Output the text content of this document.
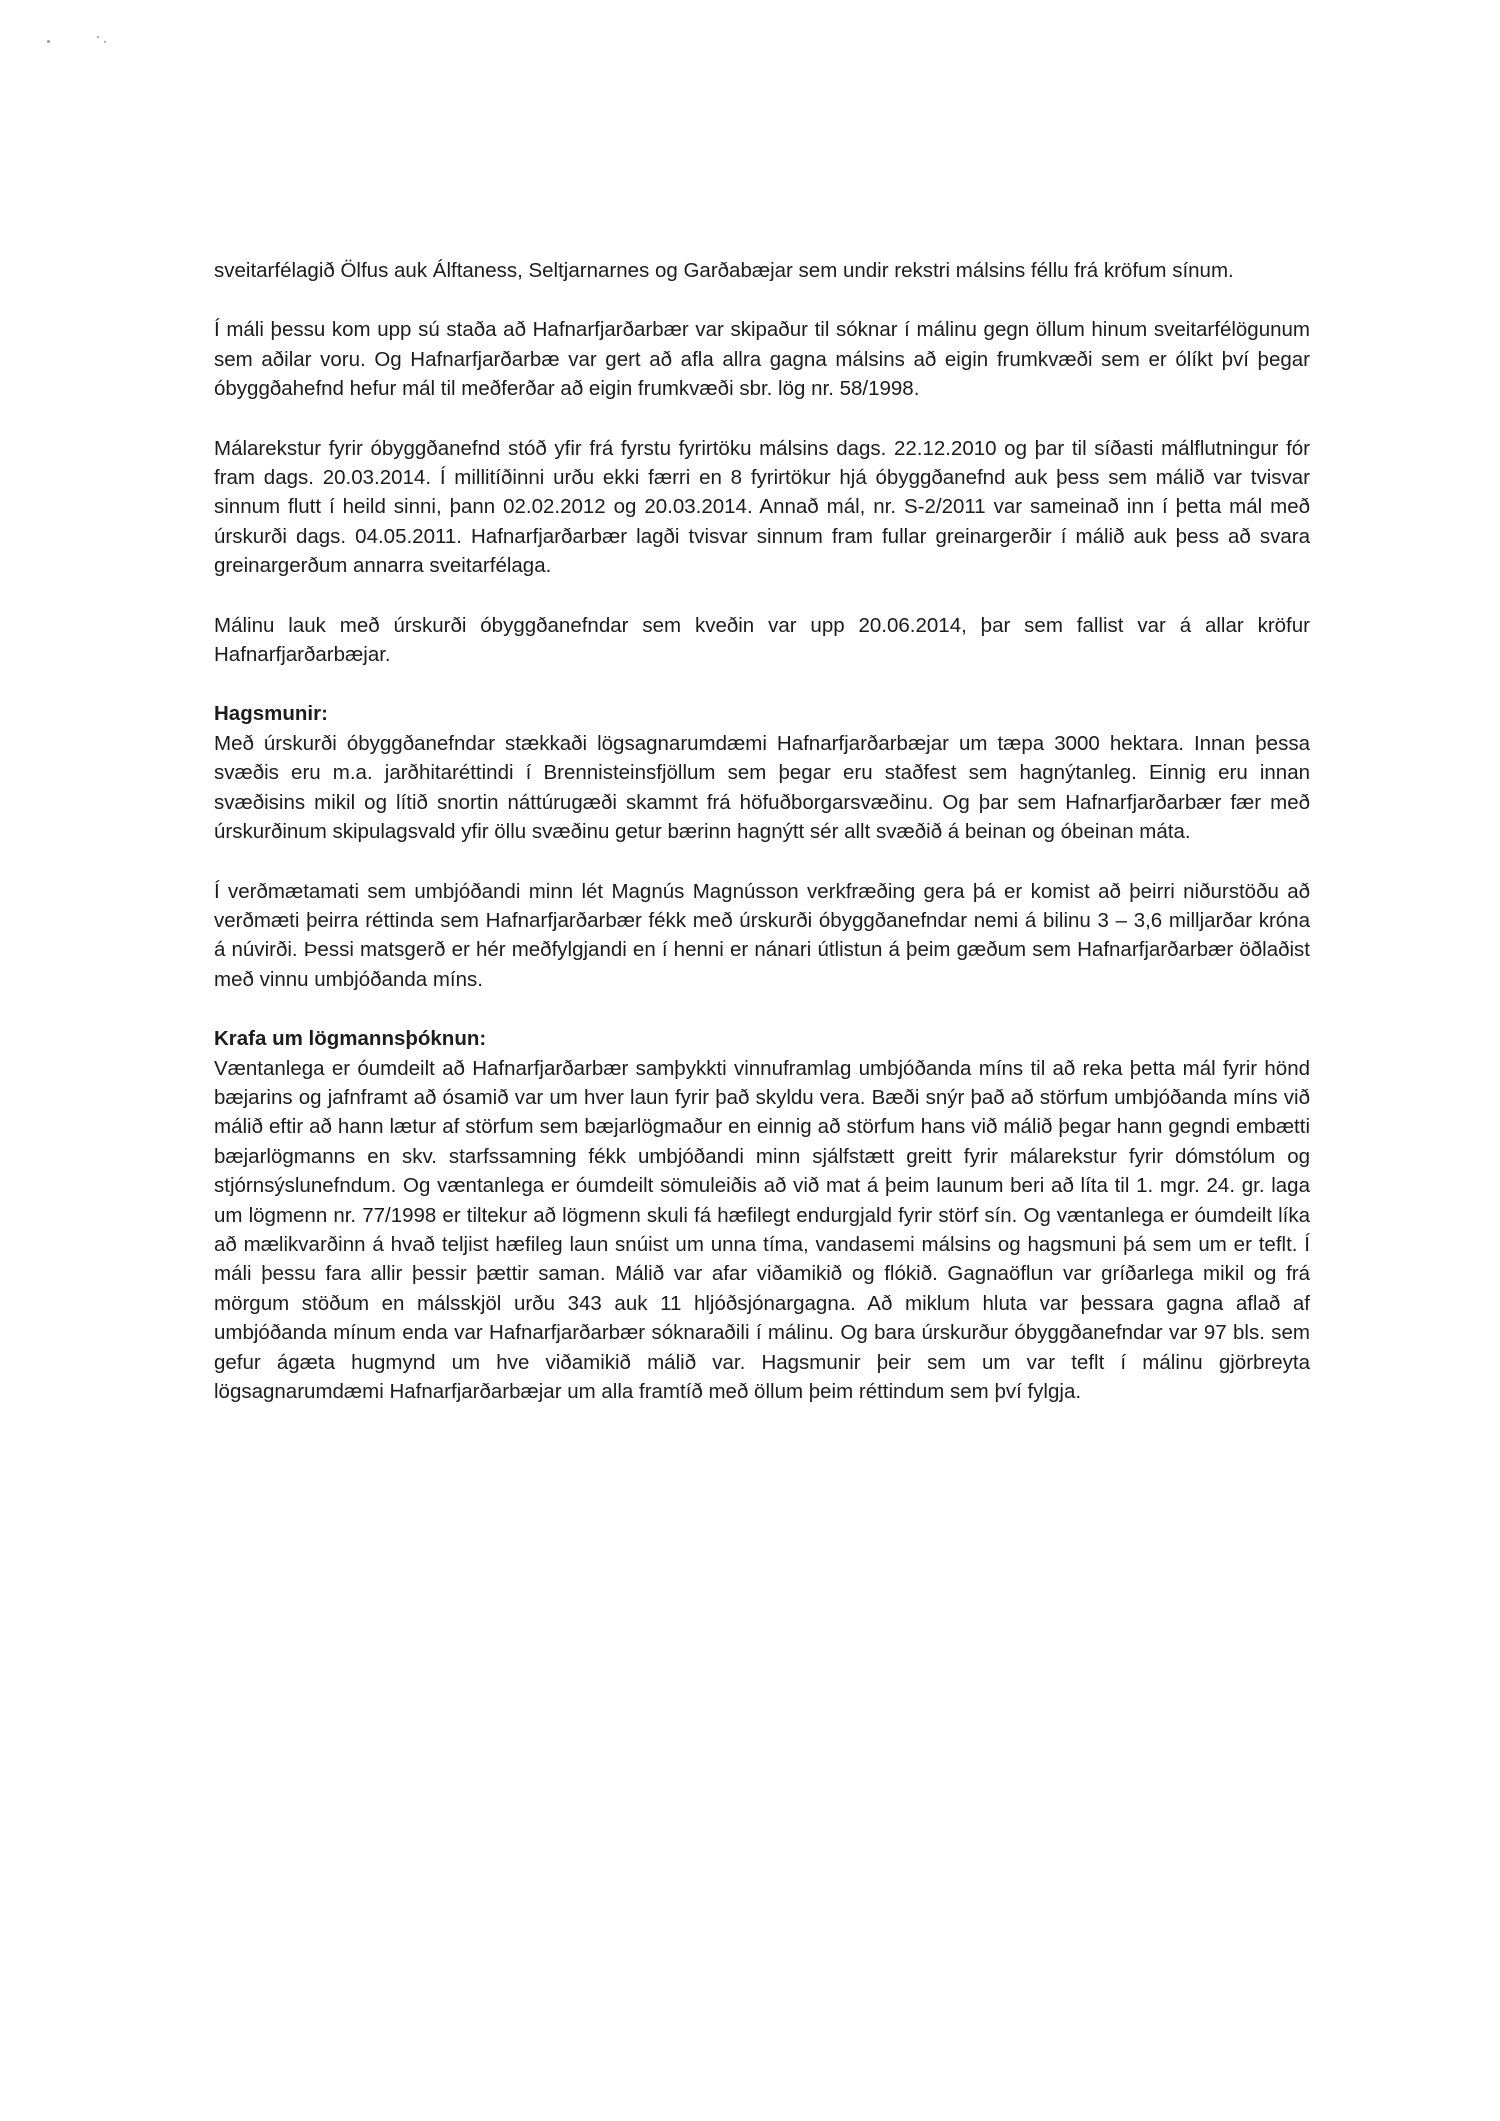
sveitarfélagið Ölfus auk Álftaness, Seltjarnarnes og Garðabæjar sem undir rekstri málsins féllu frá kröfum sínum.

Í máli þessu kom upp sú staða að Hafnarfjarðarbær var skipaður til sóknar í málinu gegn öllum hinum sveitarfélögunum sem aðilar voru. Og Hafnarfjarðarbæ var gert að afla allra gagna málsins að eigin frumkvæði sem er ólíkt því þegar óbyggðahefnd hefur mál til meðferðar að eigin frumkvæði sbr. lög nr. 58/1998.

Málarekstur fyrir óbyggðanefnd stóð yfir frá fyrstu fyrirtöku málsins dags. 22.12.2010 og þar til síðasti málflutningur fór fram dags. 20.03.2014. Í millitíðinni urðu ekki færri en 8 fyrirtökur hjá óbyggðanefnd auk þess sem málið var tvisvar sinnum flutt í heild sinni, þann 02.02.2012 og 20.03.2014. Annað mál, nr. S-2/2011 var sameinað inn í þetta mál með úrskurði dags. 04.05.2011. Hafnarfjarðarbær lagði tvisvar sinnum fram fullar greinargerðir í málið auk þess að svara greinargerðum annarra sveitarfélaga.

Málinu lauk með úrskurði óbyggðanefndar sem kveðin var upp 20.06.2014, þar sem fallist var á allar kröfur Hafnarfjarðarbæjar.

Hagsmunir:

Með úrskurði óbyggðanefndar stækkaði lögsagnarumdæmi Hafnarfjarðarbæjar um tæpa 3000 hektara. Innan þessa svæðis eru m.a. jarðhitaréttindi í Brennisteinsfjöllum sem þegar eru staðfest sem hagnýtanleg. Einnig eru innan svæðisins mikil og lítið snortin náttúrugæði skammt frá höfuðborgarsvæðinu. Og þar sem Hafnarfjarðarbær fær með úrskurðinum skipulagsvald yfir öllu svæðinu getur bærinn hagnýtt sér allt svæðið á beinan og óbeinan máta.

Í verðmætamati sem umbjóðandi minn lét Magnús Magnússon verkfræðing gera þá er komist að þeirri niðurstöðu að verðmæti þeirra réttinda sem Hafnarfjarðarbær fékk með úrskurði óbyggðanefndar nemi á bilinu 3 – 3,6 milljarðar króna á núvirði. Þessi matsgerð er hér meðfylgjandi en í henni er nánari útlistun á þeim gæðum sem Hafnarfjarðarbær öðlaðist með vinnu umbjóðanda míns.

Krafa um lögmannsþóknun:

Væntanlega er óumdeilt að Hafnarfjarðarbær samþykkti vinnuframlag umbjóðanda míns til að reka þetta mál fyrir hönd bæjarins og jafnframt að ósamið var um hver laun fyrir það skyldu vera. Bæði snýr það að störfum umbjóðanda míns við málið eftir að hann lætur af störfum sem bæjarlögmaður en einnig að störfum hans við málið þegar hann gegndi embætti bæjarlögmanns en skv. starfssamning fékk umbjóðandi minn sjálfstætt greitt fyrir málarekstur fyrir dómstólum og stjórnsýslunefndum. Og væntanlega er óumdeilt sömuleiðis að við mat á þeim launum beri að líta til 1. mgr. 24. gr. laga um lögmenn nr. 77/1998 er tiltekur að lögmenn skuli fá hæfilegt endurgjald fyrir störf sín. Og væntanlega er óumdeilt líka að mælikvarðinn á hvað teljist hæfileg laun snúist um unna tíma, vandasemi málsins og hagsmuni þá sem um er teflt. Í máli þessu fara allir þessir þættir saman. Málið var afar viðamikið og flókið. Gagnaöflun var gríðarlega mikil og frá mörgum stöðum en málsskjöl urðu 343 auk 11 hljóðsjónargagna. Að miklum hluta var þessara gagna aflað af umbjóðanda mínum enda var Hafnarfjarðarbær sóknaraðili í málinu. Og bara úrskurður óbyggðanefndar var 97 bls. sem gefur ágæta hugmynd um hve viðamikið málið var. Hagsmunir þeir sem um var teflt í málinu gjörbreyta lögsagnarumdæmi Hafnarfjarðarbæjar um alla framtíð með öllum þeim réttindum sem því fylgja.
